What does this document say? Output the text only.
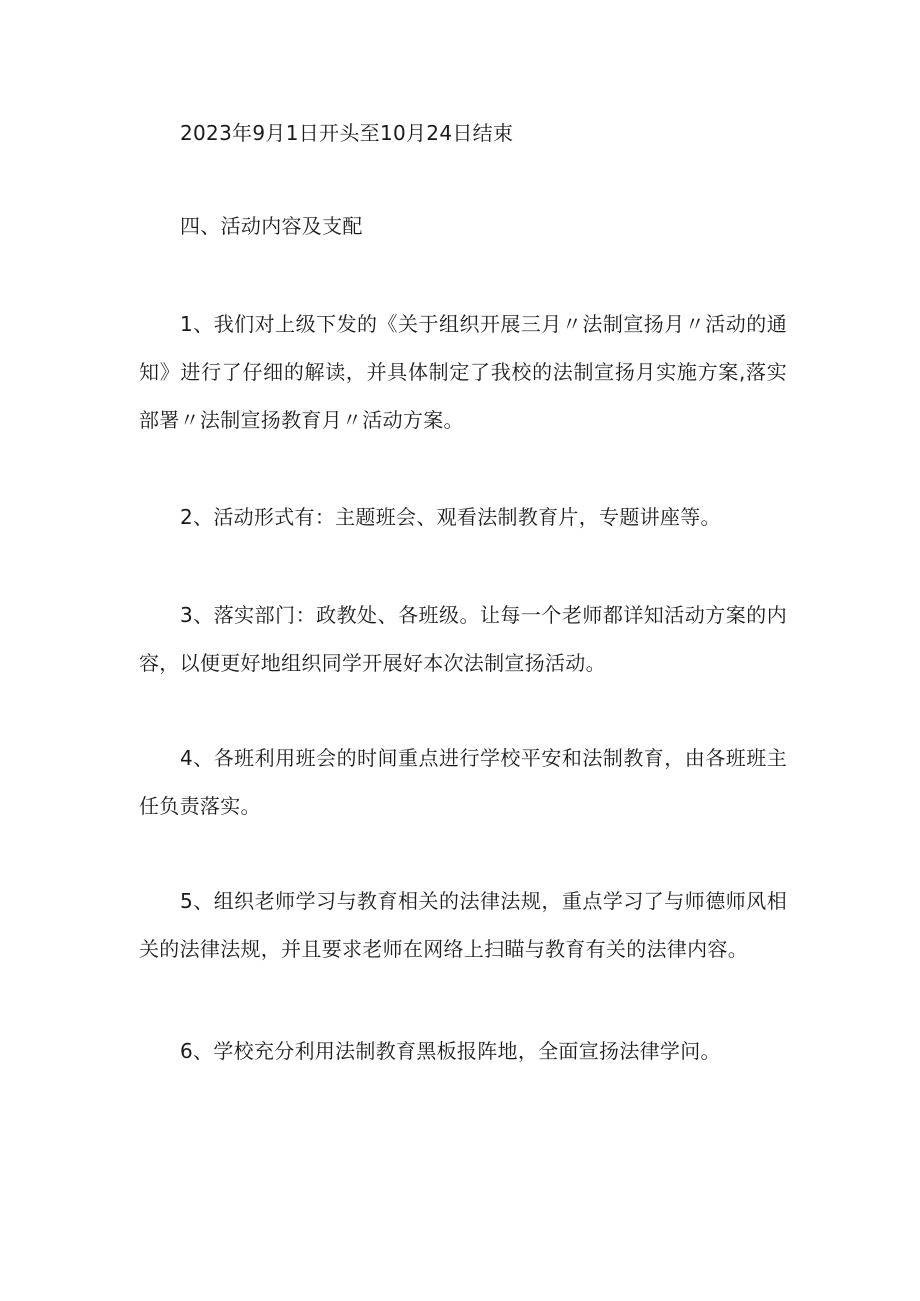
2023年9月1日开头至10月24日结束

四、活动内容及支配

1、我们对上级下发的《关于组织开展三月〃法制宣扬月〃活动的通知》进行了仔细的解读，并具体制定了我校的法制宣扬月实施方案,落实部署〃法制宣扬教育月〃活动方案。

2、活动形式有：主题班会、观看法制教育片，专题讲座等。

3、落实部门：政教处、各班级。让每一个老师都详知活动方案的内容，以便更好地组织同学开展好本次法制宣扬活动。

4、各班利用班会的时间重点进行学校平安和法制教育，由各班班主任负责落实。

5、组织老师学习与教育相关的法律法规，重点学习了与师德师风相关的法律法规，并且要求老师在网络上扫瞄与教育有关的法律内容。

6、学校充分利用法制教育黑板报阵地，全面宣扬法律学问。
